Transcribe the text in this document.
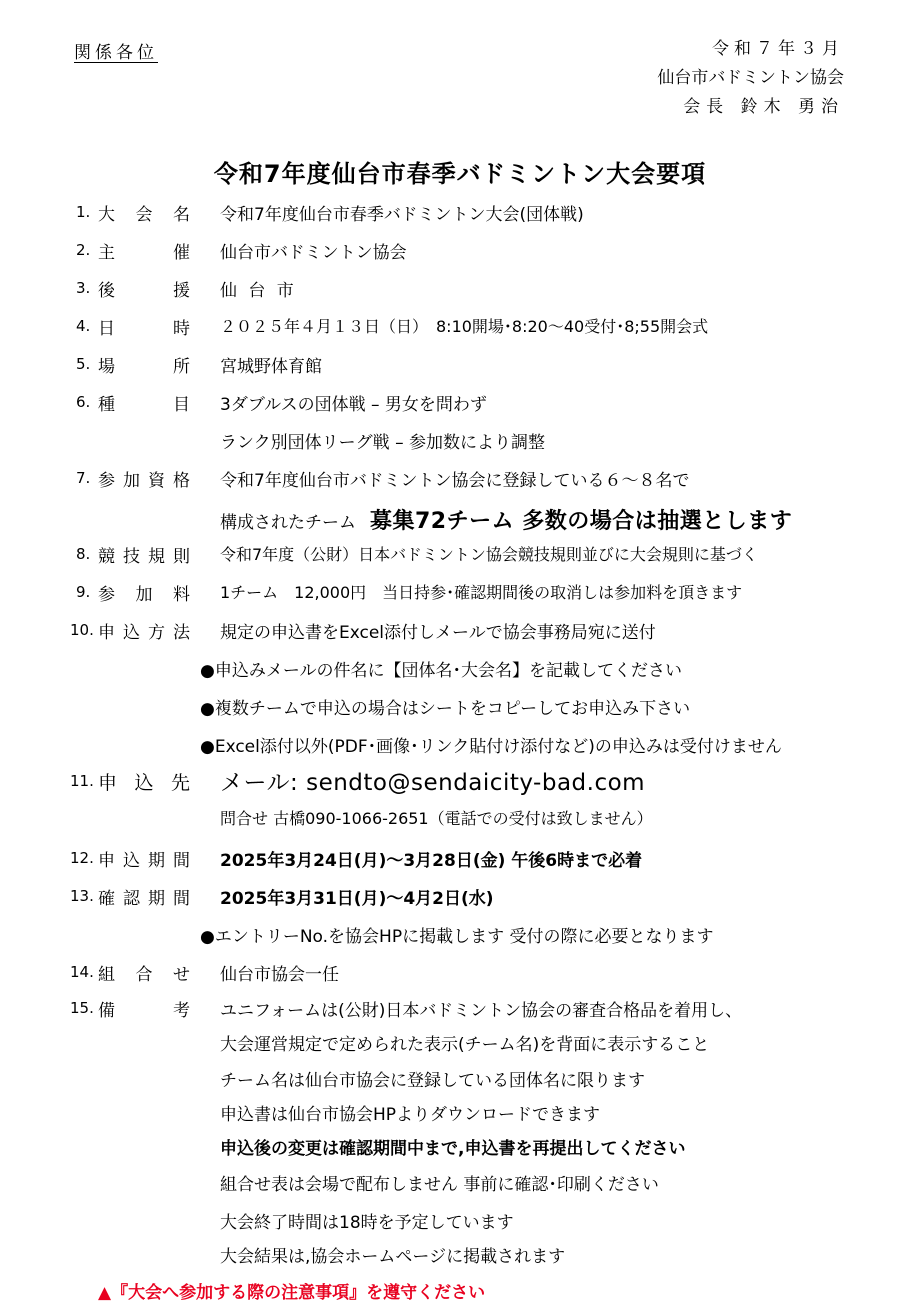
関係各位	令和７年３月
仙台市バドミントン協会
会長 鈴木 勇治
令和7年度仙台市春季バドミントン大会要項
1. 大 会 名 令和7年度仙台市春季バドミントン大会(団体戦)
2. 主	催 仙台市バドミントン協会
3. 後	援 仙 台 市
4. 日	時 ２０２５年４月１３日（日）　8:10開場･8:20～40受付･8;55開会式
5. 場	所 宮城野体育館
6. 種	目 3ダブルスの団体戦 – 男女を問わず
ランク別団体リーグ戦 – 参加数により調整
7. 参 加 資 格 令和7年度仙台市バドミントン協会に登録している６～８名で
構成されたチーム 募集72チーム 多数の場合は抽選とします
8. 競 技 規 則 令和7年度（公財）日本バドミントン協会競技規則並びに大会規則に基づく
9. 参 加 料 1チーム　12,000円　当日持参･確認期間後の取消しは参加料を頂きます
10. 申 込 方 法 規定の申込書をExcel添付しメールで協会事務局宛に送付
●申込みメールの件名に【団体名･大会名】を記載してください
●複数チームで申込の場合はシートをコピーしてお申込み下さい
●Excel添付以外(PDF･画像･リンク貼付け添付など)の申込みは受付けません
11. 申 込 先 メール: sendto@sendaicity-bad.com
問合せ 古橋090-1066-2651（電話での受付は致しません）
12. 申 込 期 間 2025年3月24日(月)～3月28日(金) 午後6時まで必着
13. 確 認 期 間 2025年3月31日(月)～4月2日(水)
●エントリーNo.を協会HPに掲載します 受付の際に必要となります
14. 組 合 せ 仙台市協会一任
15. 備	考 ユニフォームは(公財)日本バドミントン協会の審査合格品を着用し、
大会運営規定で定められた表示(チーム名)を背面に表示すること
チーム名は仙台市協会に登録している団体名に限ります
申込書は仙台市協会HPよりダウンロードできます
申込後の変更は確認期間中まで,申込書を再提出してください
組合せ表は会場で配布しません 事前に確認･印刷ください
大会終了時間は18時を予定しています
大会結果は,協会ホームページに掲載されます
▲『大会へ参加する際の注意事項』を遵守ください
